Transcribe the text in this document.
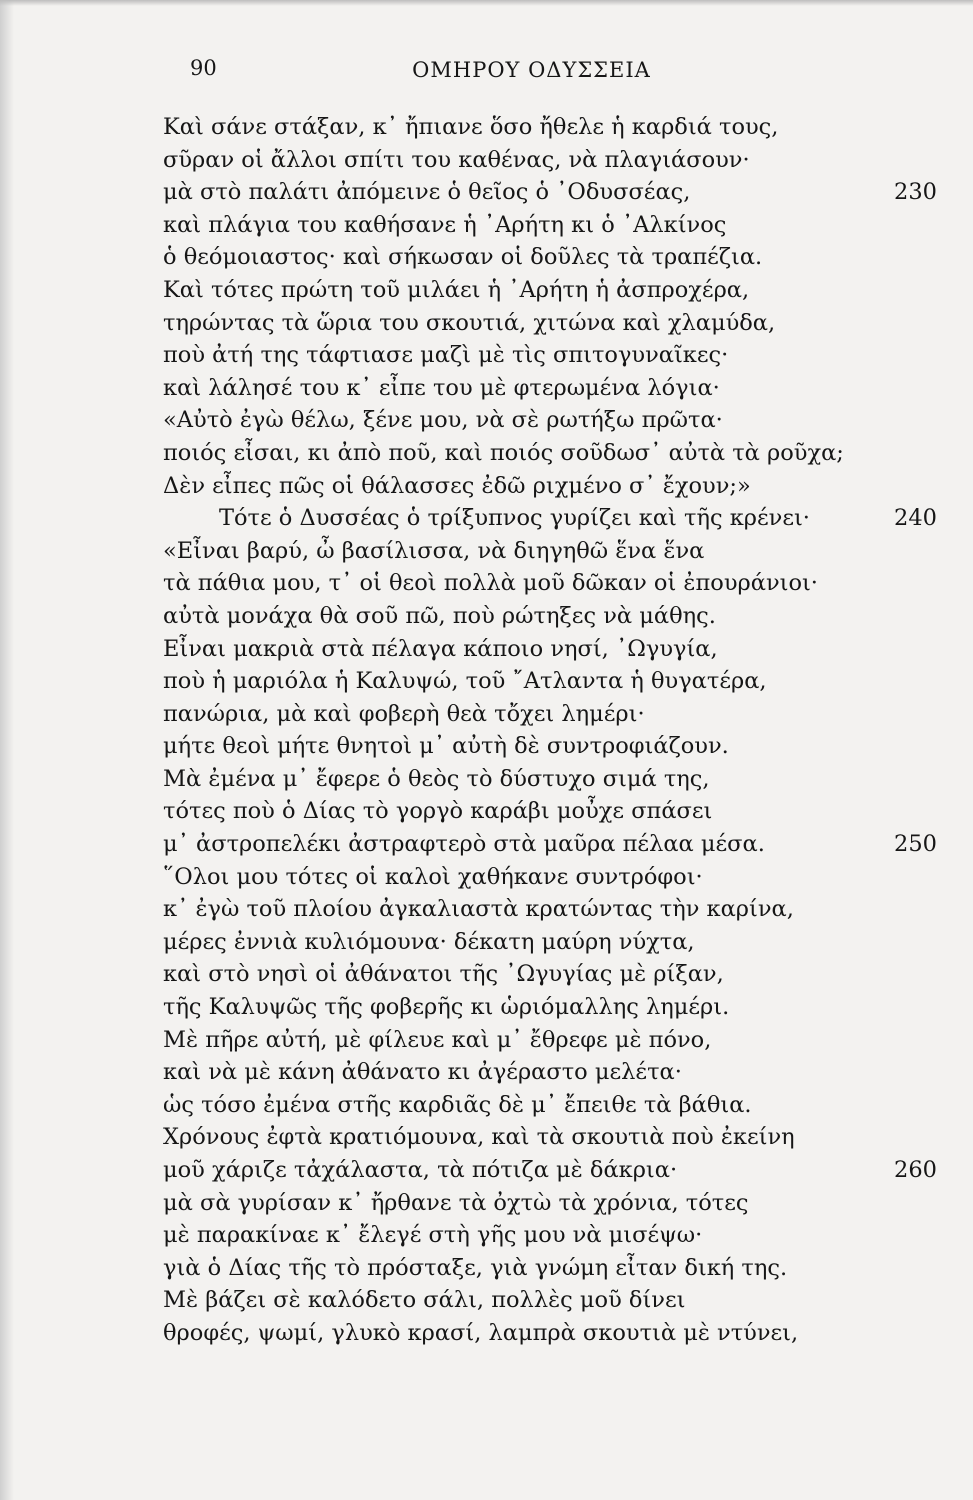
90	ΟΜΗΡΟΥ ΟΔΥΣΣΕΙΑ
Καὶ σάνε στάξαν, κ᾽ ἤπιανε ὅσο ἤθελε ἡ καρδιά τους,
σῦραν οἱ ἄλλοι σπίτι του καθένας, νὰ πλαγιάσουν·
μὰ στὸ παλάτι ἀπόμεινε ὁ θεῖος ὁ ᾿Οδυσσέας,	230
καὶ πλάγια του καθήσανε ἡ ᾿Αρήτη κι ὁ ᾿Αλκίνος
ὁ θεόμοιαστος· καὶ σήκωσαν οἱ δοῦλες τὰ τραπέζια.
Καὶ τότες πρώτη τοῦ μιλάει ἡ ᾿Αρήτη ἡ ἀσπροχέρα,
τηρώντας τὰ ὥρια του σκουτιά, χιτώνα καὶ χλαμύδα,
ποὺ ἀτή της τάφτιασε μαζὶ μὲ τὶς σπιτογυναῖκες·
καὶ λάλησέ του κ᾽ εἶπε του μὲ φτερωμένα λόγια·
«Αὐτὸ ἐγὼ θέλω, ξένε μου, νὰ σὲ ρωτήξω πρῶτα·
ποιός εἶσαι, κι ἀπὸ ποῦ, καὶ ποιός σοῦδωσ᾽ αὐτὰ τὰ ροῦχα;
Δὲν εἶπες πῶς οἱ θάλασσες ἐδῶ ριχμένο σ᾽ ἔχουν;»
Τότε ὁ Δυσσέας ὁ τρίξυπνος γυρίζει καὶ τῆς κρένει·	240
«Εἶναι βαρύ, ὦ βασίλισσα, νὰ διηγηθῶ ἕνα ἕνα
τὰ πάθια μου, τ᾽ οἱ θεοὶ πολλὰ μοῦ δῶκαν οἱ ἐπουράνιοι·
αὐτὰ μονάχα θὰ σοῦ πῶ, ποὺ ρώτηξες νὰ μάθης.
Εἶναι μακριὰ στὰ πέλαγα κάποιο νησί, ᾿Ωγυγία,
ποὺ ἡ μαριόλα ἡ Καλυψώ, τοῦ ῎Ατλαντα ἡ θυγατέρα,
πανώρια, μὰ καὶ φοβερὴ θεὰ τὄχει λημέρι·
μήτε θεοὶ μήτε θνητοὶ μ᾽ αὐτὴ δὲ συντροφιάζουν.
Μὰ ἐμένα μ᾽ ἔφερε ὁ θεὸς τὸ δύστυχο σιμά της,
τότες ποὺ ὁ Δίας τὸ γοργὸ καράβι μοὖχε σπάσει
μ᾽ ἀστροπελέκι ἀστραφτερὸ στὰ μαῦρα πέλαα μέσα.	250
῞Ολοι μου τότες οἱ καλοὶ χαθήκανε συντρόφοι·
κ᾽ ἐγὼ τοῦ πλοίου ἀγκαλιαστὰ κρατώντας τὴν καρίνα,
μέρες ἐννιὰ κυλιόμουνα· δέκατη μαύρη νύχτα,
καὶ στὸ νησὶ οἱ ἀθάνατοι τῆς ᾿Ωγυγίας μὲ ρίξαν,
τῆς Καλυψῶς τῆς φοβερῆς κι ὡριόμαλλης λημέρι.
Μὲ πῆρε αὐτή, μὲ φίλευε καὶ μ᾽ ἔθρεφε μὲ πόνο,
καὶ νὰ μὲ κάνη ἀθάνατο κι ἀγέραστο μελέτα·
ὡς τόσο ἐμένα στῆς καρδιᾶς δὲ μ᾽ ἔπειθε τὰ βάθια.
Χρόνους ἐφτὰ κρατιόμουνα, καὶ τὰ σκουτιὰ ποὺ ἐκείνη
μοῦ χάριζε τἀχάλαστα, τὰ πότιζα μὲ δάκρια·	260
μὰ σὰ γυρίσαν κ᾽ ἤρθανε τὰ ὀχτὼ τὰ χρόνια, τότες
μὲ παρακίναε κ᾽ ἔλεγέ στὴ γῆς μου νὰ μισέψω·
γιὰ ὁ Δίας τῆς τὸ πρόσταξε, γιὰ γνώμη εἶταν δική της.
Μὲ βάζει σὲ καλόδετο σάλι, πολλὲς μοῦ δίνει
θροφές, ψωμί, γλυκὸ κρασί, λαμπρὰ σκουτιὰ μὲ ντύνει,
